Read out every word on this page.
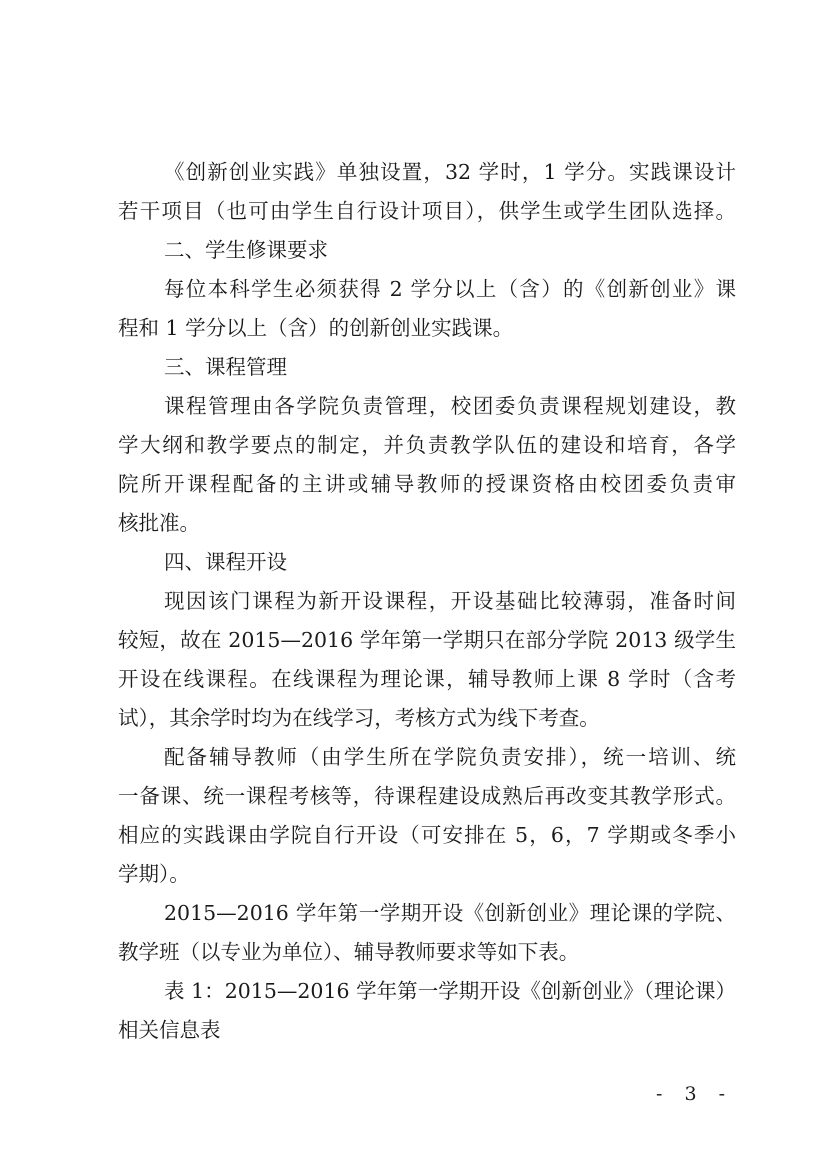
《创新创业实践》单独设置，32 学时，1 学分。实践课设计
若干项目（也可由学生自行设计项目），供学生或学生团队选择。
二、学生修课要求
每位本科学生必须获得 2 学分以上（含）的《创新创业》课
程和 1 学分以上（含）的创新创业实践课。
三、课程管理
课程管理由各学院负责管理，校团委负责课程规划建设，教
学大纲和教学要点的制定，并负责教学队伍的建设和培育，各学
院所开课程配备的主讲或辅导教师的授课资格由校团委负责审
核批准。
四、课程开设
现因该门课程为新开设课程，开设基础比较薄弱，准备时间
较短，故在 2015—2016 学年第一学期只在部分学院 2013 级学生
开设在线课程。在线课程为理论课，辅导教师上课 8 学时（含考
试），其余学时均为在线学习，考核方式为线下考查。
配备辅导教师（由学生所在学院负责安排），统一培训、统
一备课、统一课程考核等，待课程建设成熟后再改变其教学形式。
相应的实践课由学院自行开设（可安排在 5，6，7 学期或冬季小
学期）。
2015—2016 学年第一学期开设《创新创业》理论课的学院、
教学班（以专业为单位）、辅导教师要求等如下表。
表 1：2015—2016 学年第一学期开设《创新创业》（理论课）
相关信息表
- 3 -
